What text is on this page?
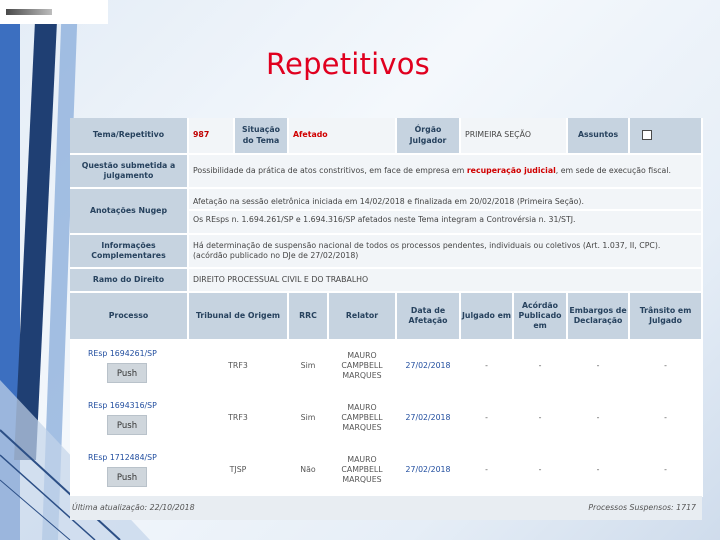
Repetitivos
Tema/Repetitivo	987	Situação do Tema	Afetado		Órgão Julgador	PRIMEIRA SEÇÃO		Assuntos	
Questão submetida a julgamento	Possibilidade da prática de atos constritivos, em face de empresa em recuperação judicial, em sede de execução fiscal.								
Anotações Nugep	Afetação na sessão eletrônica iniciada em 14/02/2018 e finalizada em 20/02/2018 (Primeira Seção).
Os REsps n. 1.694.261/SP e 1.694.316/SP afetados neste Tema integram a Controvérsia n. 31/STJ.								

Informações Complementares	Há determinação de suspensão nacional de todos os processos pendentes, individuais ou coletivos (Art. 1.037, II, CPC). (acórdão publicado no DJe de 27/02/2018)								
Ramo do Direito	DIREITO PROCESSUAL CIVIL E DO TRABALHO								
Processo	Tribunal de Origem		RRC	Relator	Data de Afetação	Julgado em	Acórdão Publicado em	Embargos de Declaração	Trânsito em Julgado

REsp 1694261/SP
Push	TRF3		Sim	MAURO CAMPBELL MARQUES	27/02/2018	-	-	-	-

REsp 1694316/SP
Push	TRF3		Sim	MAURO CAMPBELL MARQUES	27/02/2018	-	-	-	-

REsp 1712484/SP
Push	TJSP		Não	MAURO CAMPBELL MARQUES	27/02/2018	-	-	-	-
Última atualização: 22/10/2018	Processos Suspensos: 1717
